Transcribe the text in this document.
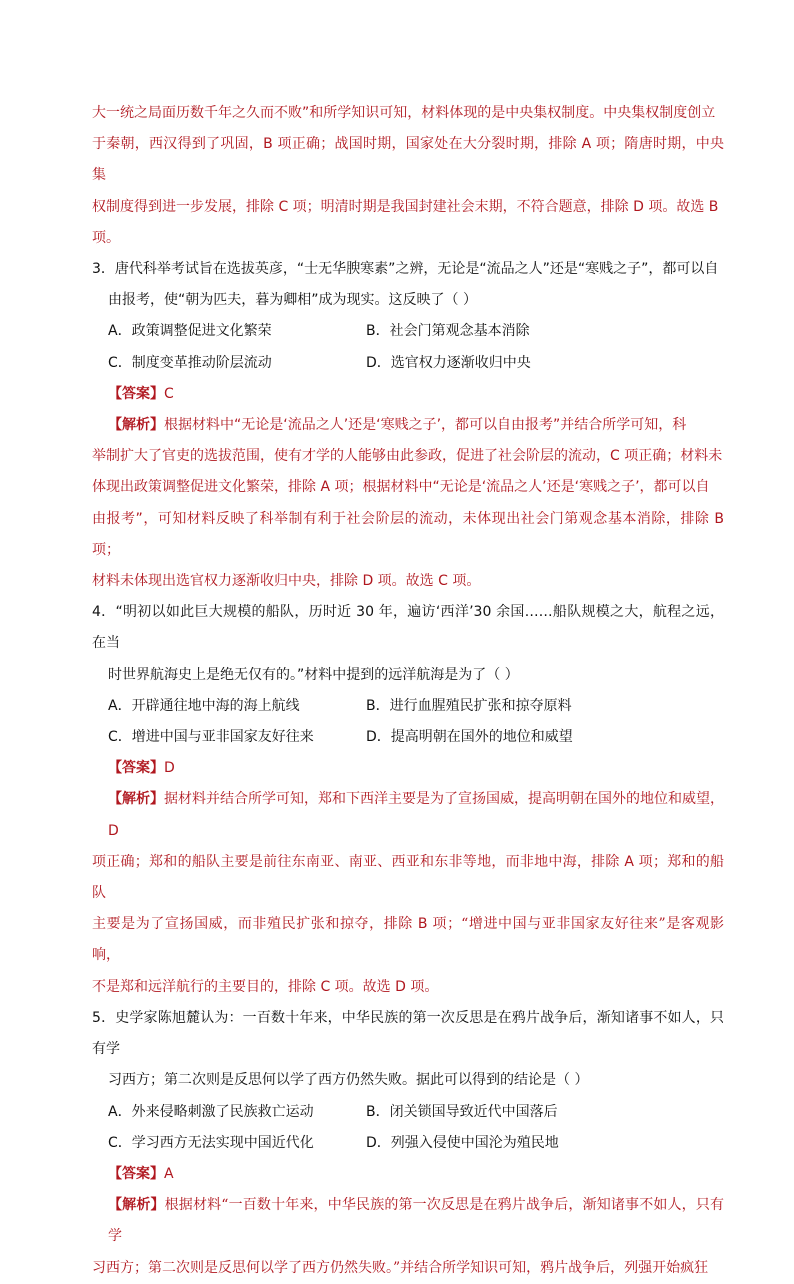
大一统之局面历数千年之久而不败”和所学知识可知，材料体现的是中央集权制度。中央集权制度创立

于秦朝，西汉得到了巩固，B 项正确；战国时期，国家处在大分裂时期，排除 A 项；隋唐时期，中央集

权制度得到进一步发展，排除 C 项；明清时期是我国封建社会末期，不符合题意，排除 D 项。故选 B

项。

3．唐代科举考试旨在选拔英彦，“士无华腴寒素”之辨，无论是“流品之人”还是“寒贱之子”，都可以自

由报考，使“朝为匹夫，暮为卿相”成为现实。这反映了（ ）

A．政策调整促进文化繁荣	B．社会门第观念基本消除
C．制度变革推动阶层流动	D．选官权力逐渐收归中央

【答案】C

【解析】根据材料中“无论是‘流品之人’还是‘寒贱之子’，都可以自由报考”并结合所学可知，科

举制扩大了官吏的选拔范围，使有才学的人能够由此参政，促进了社会阶层的流动，C 项正确；材料未

体现出政策调整促进文化繁荣，排除 A 项；根据材料中“无论是‘流品之人’还是‘寒贱之子’，都可以自

由报考”，可知材料反映了科举制有利于社会阶层的流动，未体现出社会门第观念基本消除，排除 B 项；

材料未体现出选官权力逐渐收归中央，排除 D 项。故选 C 项。

4．“明初以如此巨大规模的船队，历时近 30 年，遍访‘西洋’30 余国……船队规模之大，航程之远，在当

时世界航海史上是绝无仅有的。”材料中提到的远洋航海是为了（ ）

A．开辟通往地中海的海上航线	B．进行血腥殖民扩张和掠夺原料
C．增进中国与亚非国家友好往来	D．提高明朝在国外的地位和威望

【答案】D

【解析】据材料并结合所学可知，郑和下西洋主要是为了宣扬国威，提高明朝在国外的地位和威望，D

项正确；郑和的船队主要是前往东南亚、南亚、西亚和东非等地，而非地中海，排除 A 项；郑和的船队

主要是为了宣扬国威，而非殖民扩张和掠夺，排除 B 项；“增进中国与亚非国家友好往来”是客观影响，

不是郑和远洋航行的主要目的，排除 C 项。故选 D 项。

5．史学家陈旭麓认为：一百数十年来，中华民族的第一次反思是在鸦片战争后，渐知诸事不如人，只有学

习西方；第二次则是反思何以学了西方仍然失败。据此可以得到的结论是（ ）

A．外来侵略刺激了民族救亡运动	B．闭关锁国导致近代中国落后
C．学习西方无法实现中国近代化	D．列强入侵使中国沦为殖民地

【答案】A

【解析】根据材料“一百数十年来，中华民族的第一次反思是在鸦片战争后，渐知诸事不如人，只有学

习西方；第二次则是反思何以学了西方仍然失败。”并结合所学知识可知，鸦片战争后，列强开始疯狂
